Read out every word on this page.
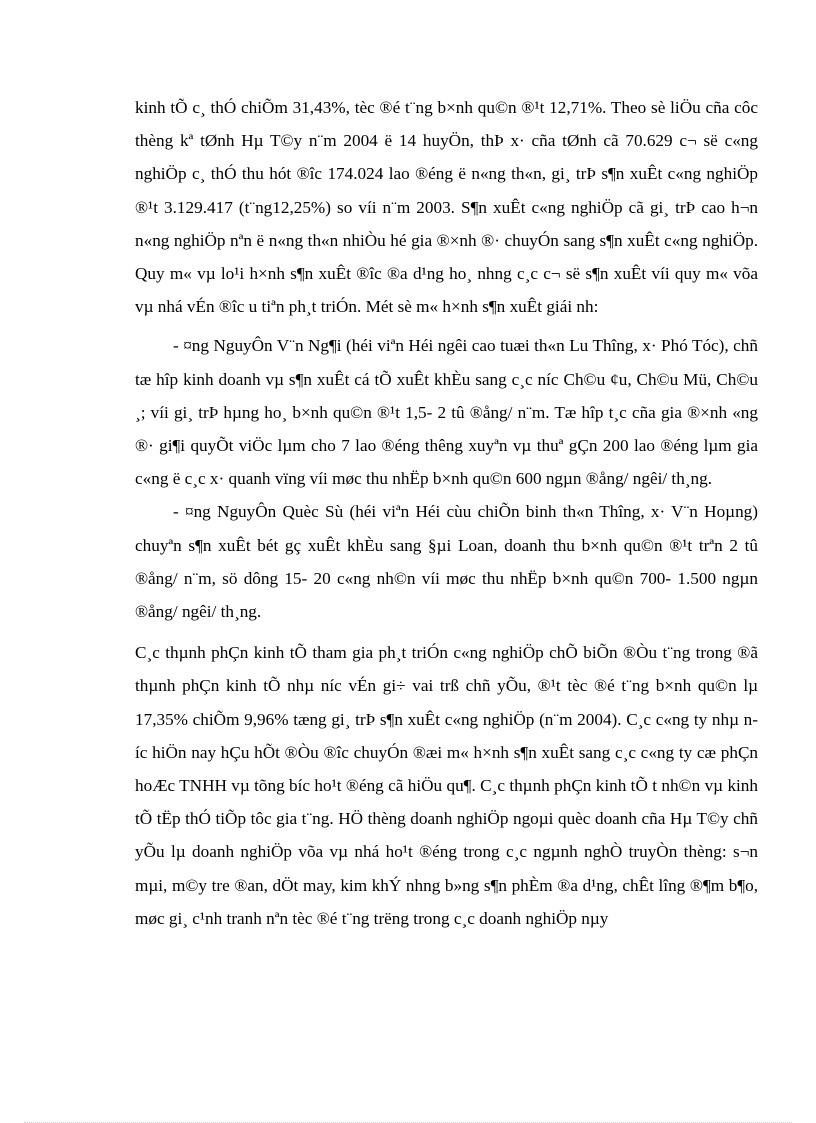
kinh tÕ c¸ thÓ chiÕm 31,43%, tèc ®é t¨ng b×nh qu©n ®¹t 12,71%. Theo sè liÖu cña côc thèng kª tØnh Hµ T©y n¨m 2004 ë 14 huyÖn, thÞ x· cña tØnh cã 70.629 c¬ së c«ng nghiÖp c¸ thÓ thu hót ®îc 174.024 lao ®éng ë n«ng th«n, gi¸ trÞ s¶n xuÊt c«ng nghiÖp ®¹t 3.129.417 (t¨ng12,25%) so víi n¨m 2003. S¶n xuÊt c«ng nghiÖp cã gi¸ trÞ cao h¬n n«ng nghiÖp nªn ë n«ng th«n nhiÒu hé gia ®×nh ®· chuyÓn sang s¶n xuÊt c«ng nghiÖp. Quy m« vµ lo¹i h×nh s¶n xuÊt ®îc ®a d¹ng ho¸ nhng c¸c c¬ së s¶n xuÊt víi quy m« võa vµ nhá vÉn ®îc u tiªn ph¸t triÓn. Mét sè m« h×nh s¶n xuÊt giái nh:

- ¤ng NguyÔn V¨n Ng¶i (héi viªn Héi ngêi cao tuæi th«n Lu Thîng, x· Phó Tóc), chñ tæ hîp kinh doanh vµ s¶n xuÊt cá tÕ xuÊt khÈu sang c¸c níc Ch©u ¢u, Ch©u Mü, Ch©u ¸; víi gi¸ trÞ hµng ho¸ b×nh qu©n ®¹t 1,5- 2 tû ®ång/ n¨m. Tæ hîp t¸c cña gia ®×nh «ng ®· gi¶i quyÕt viÖc lµm cho 7 lao ®éng thêng xuyªn vµ thuª gÇn 200 lao ®éng lµm gia c«ng ë c¸c x· quanh vïng víi møc thu nhËp b×nh qu©n 600 ngµn ®ång/ ngêi/ th¸ng.

- ¤ng NguyÔn Quèc Sù (héi viªn Héi cùu chiÕn binh th«n Thîng, x· V¨n Hoµng) chuyªn s¶n xuÊt bét gç xuÊt khÈu sang §µi Loan, doanh thu b×nh qu©n ®¹t trªn 2 tû ®ång/ n¨m, sö dông 15- 20 c«ng nh©n víi møc thu nhËp b×nh qu©n 700- 1.500 ngµn ®ång/ ngêi/ th¸ng.

C¸c thµnh phÇn kinh tÕ tham gia ph¸t triÓn c«ng nghiÖp chÕ biÕn ®Òu t¨ng trong ®ã thµnh phÇn kinh tÕ nhµ níc vÉn gi÷ vai trß chñ yÕu, ®¹t tèc ®é t¨ng b×nh qu©n lµ 17,35% chiÕm 9,96% tæng gi¸ trÞ s¶n xuÊt c«ng nghiÖp (n¨m 2004). C¸c c«ng ty nhµ níc hiÖn nay hÇu hÕt ®Òu ®îc chuyÓn ®æi m« h×nh s¶n xuÊt sang c¸c c«ng ty cæ phÇn hoÆc TNHH vµ tõng bíc ho¹t ®éng cã hiÖu qu¶. C¸c thµnh phÇn kinh tÕ t nh©n vµ kinh tÕ tËp thÓ tiÕp tôc gia t¨ng. HÖ thèng doanh nghiÖp ngoµi quèc doanh cña Hµ T©y chñ yÕu lµ doanh nghiÖp võa vµ nhá ho¹t ®éng trong c¸c ngµnh nghÒ truyÒn thèng: s¬n mµi, m©y tre ®an, dÖt may, kim khÝ nhng b»ng s¶n phÈm ®a d¹ng, chÊt lîng ®¶m b¶o, møc gi¸ c¹nh tranh nªn tèc ®é t¨ng trëng trong c¸c doanh nghiÖp nµy
